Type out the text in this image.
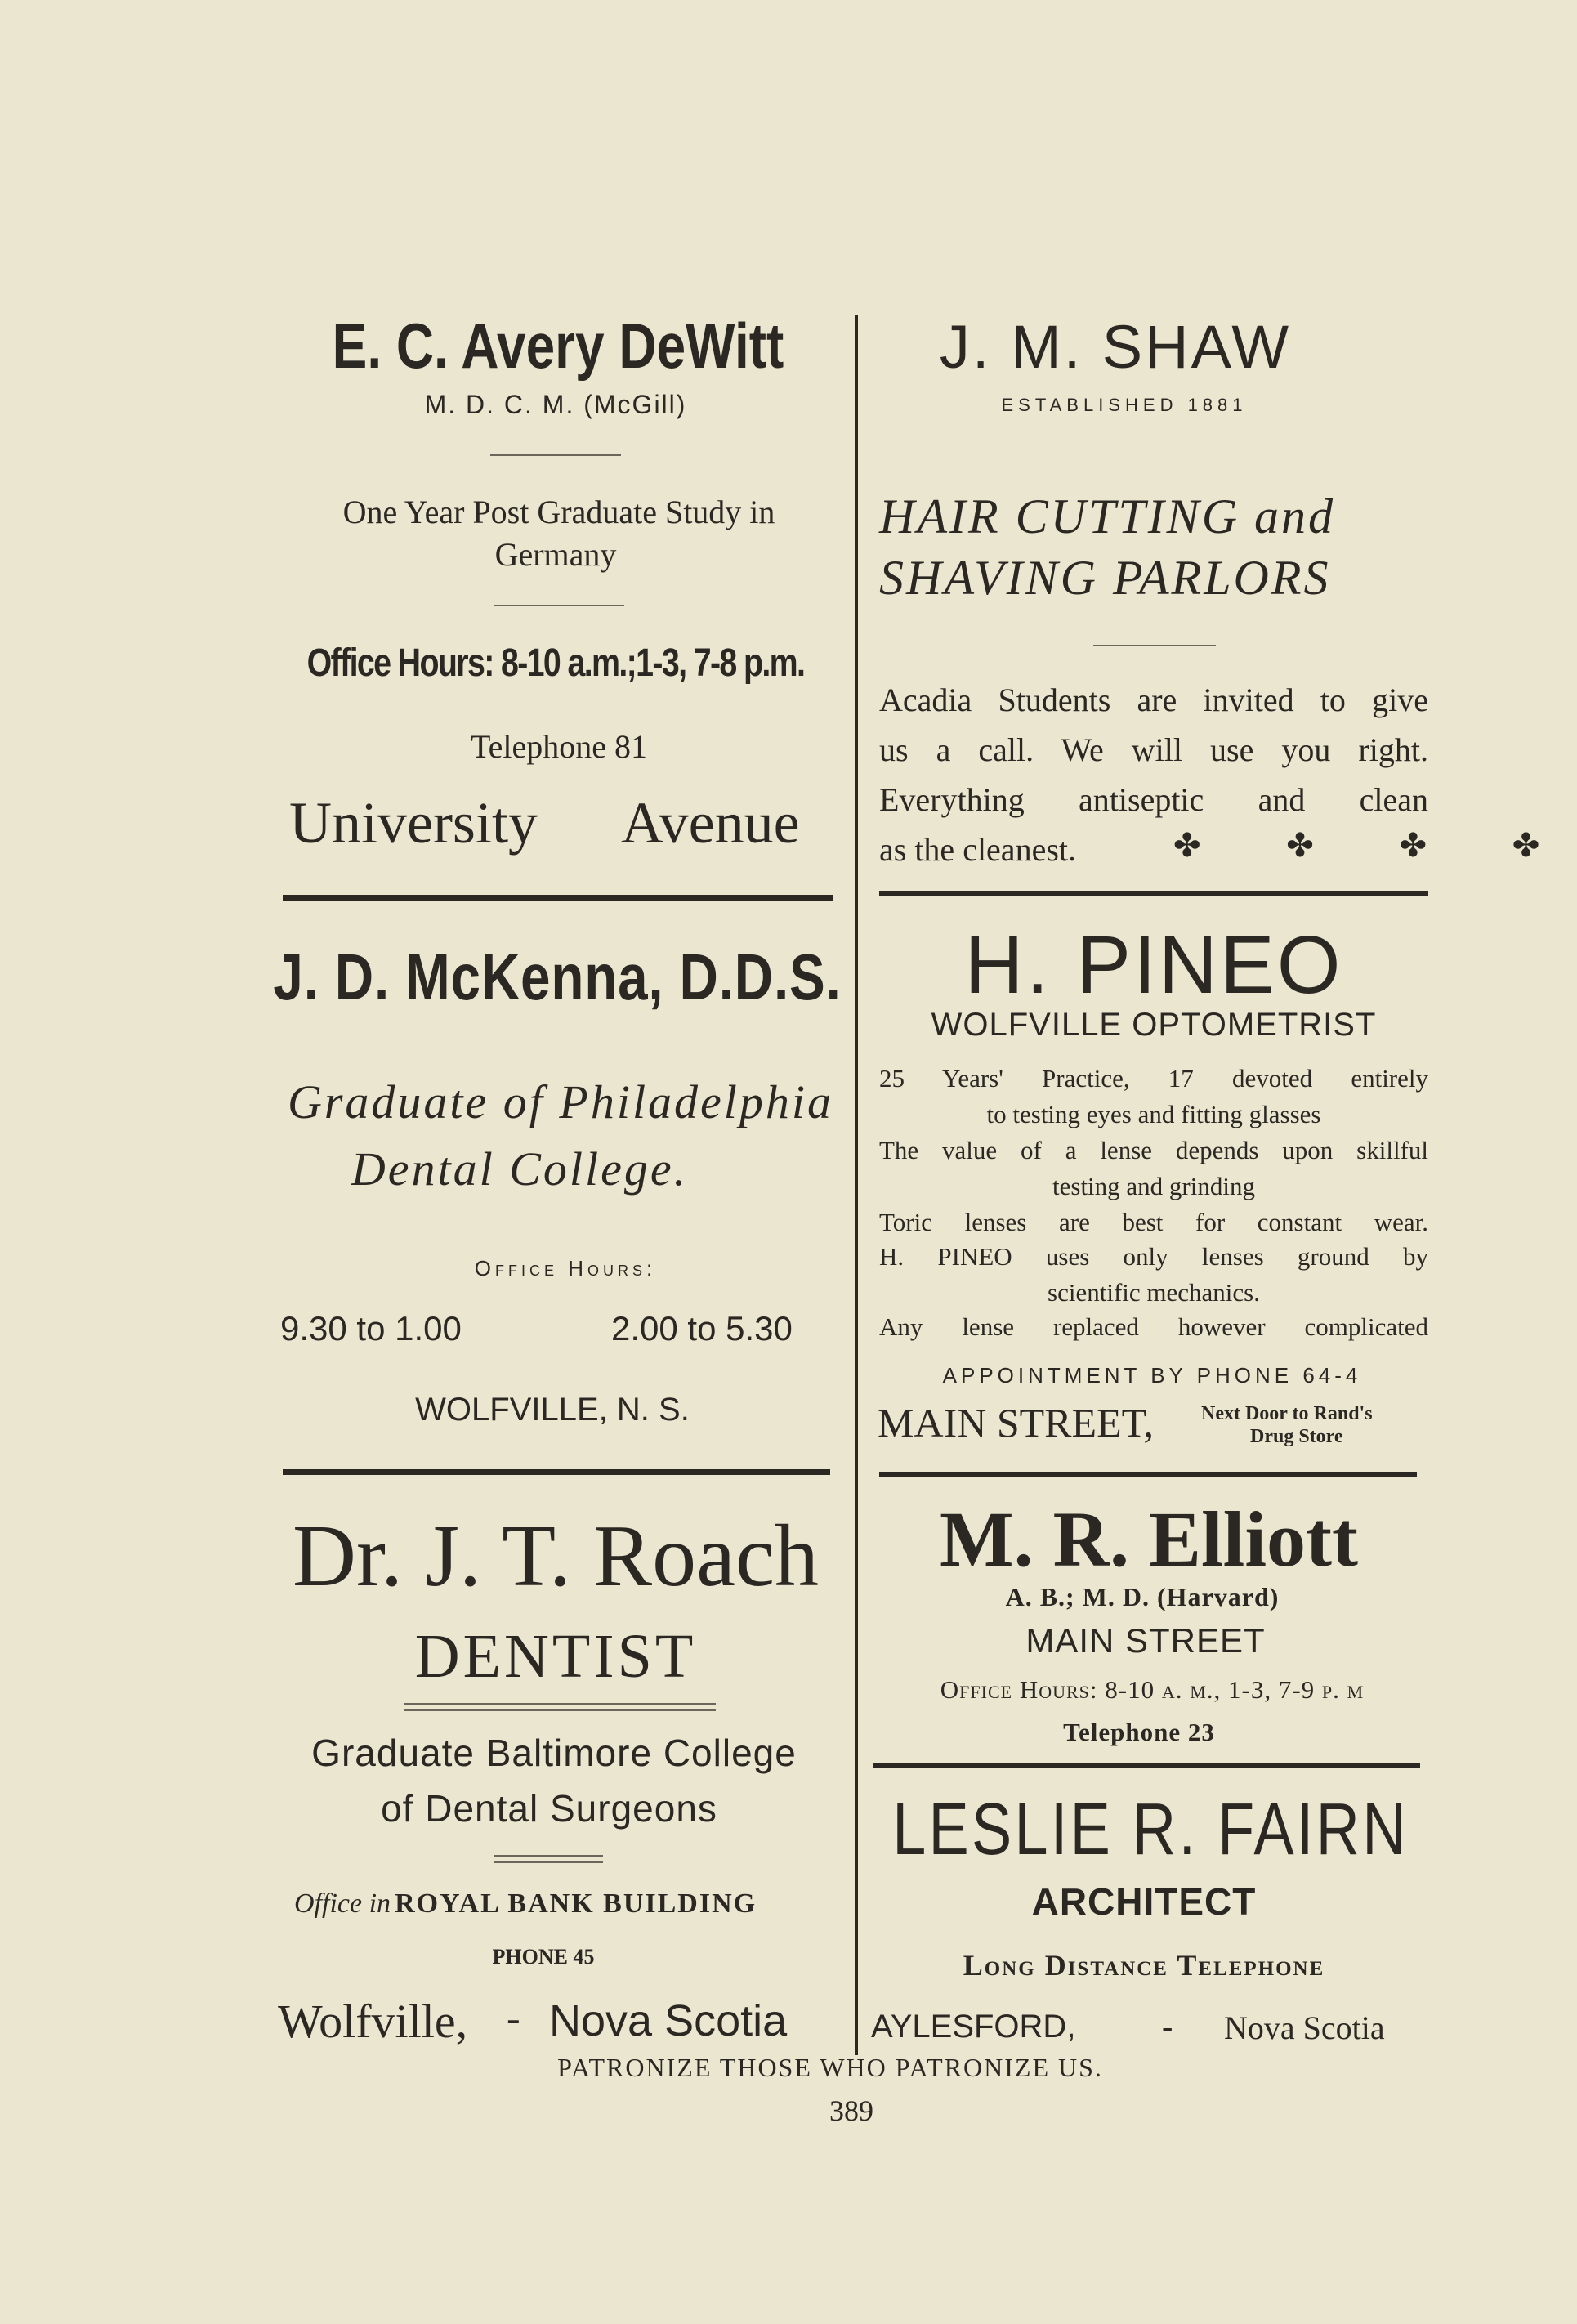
E. C. Avery DeWitt
M. D. C. M. (McGill)
One Year Post Graduate Study in
Germany
Office Hours: 8-10 a.m.;1-3, 7-8 p.m.
Telephone 81
University Avenue
J. D. McKenna, D.D.S.
Graduate of Philadelphia
Dental College.
Office Hours:
9.30 to 1.00	2.00 to 5.30
WOLFVILLE, N. S.
Dr. J. T. Roach
DENTIST
Graduate Baltimore College
of Dental Surgeons
Office in ROYAL BANK BUILDING
PHONE 45
Wolfville, - Nova Scotia
J. M. SHAW
ESTABLISHED 1881
HAIR CUTTING and
SHAVING PARLORS
Acadia Students are invited to give
us a call. We will use you right.
Everything antiseptic and clean
as the cleanest.	✤ ✤ ✤ ✤
H. PINEO
WOLFVILLE OPTOMETRIST
25 Years' Practice, 17 devoted entirely
to testing eyes and fitting glasses
The value of a lense depends upon skillful
testing and grinding
Toric lenses are best for constant wear.
H. PINEO uses only lenses ground by
scientific mechanics.
Any lense replaced however complicated
APPOINTMENT BY PHONE 64-4
MAIN STREET, Next Door to Rand's
Drug Store
M. R. Elliott
A. B.; M. D. (Harvard)
MAIN STREET
Office Hours: 8-10 a. m., 1-3, 7-9 p. m
Telephone 23
LESLIE R. FAIRN
ARCHITECT
Long Distance Telephone
AYLESFORD,	- Nova Scotia
PATRONIZE THOSE WHO PATRONIZE US.
389
